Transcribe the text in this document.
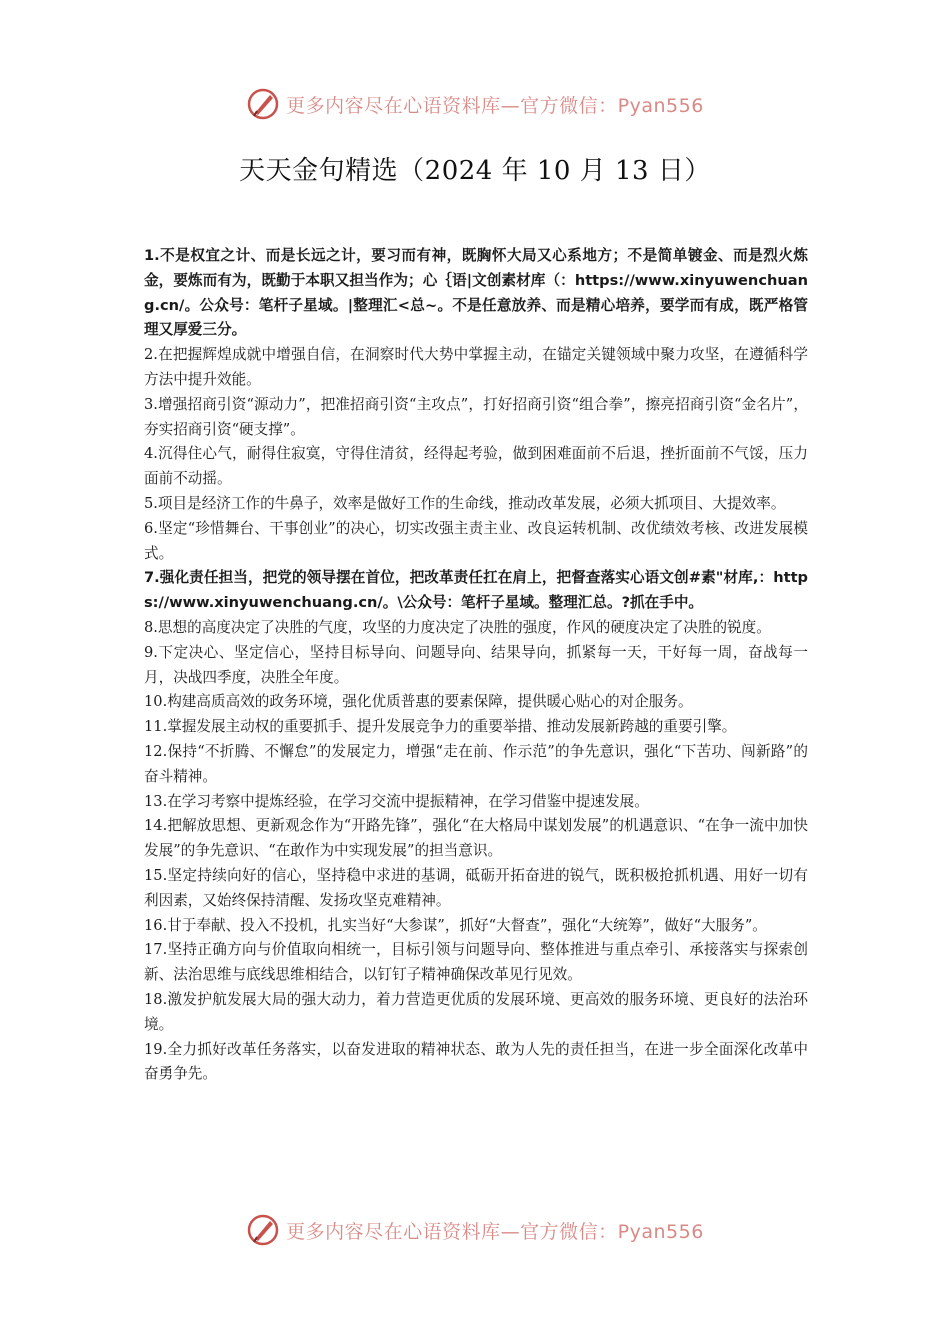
更多内容尽在心语资料库—官方微信：Pyan556
天天金句精选（2024 年 10 月 13 日）

1.不是权宜之计、而是长远之计，要习而有神，既胸怀大局又心系地方；不是简单镀金、而是烈火炼金，要炼而有为，既勤于本职又担当作为；心｛语|文创素材库（：https://www.xinyuwenchuang.cn/。公众号：笔杆子星域。|整理汇<总~。不是任意放养、而是精心培养，要学而有成，既严格管理又厚爱三分。

2.在把握辉煌成就中增强自信，在洞察时代大势中掌握主动，在锚定关键领域中聚力攻坚，在遵循科学方法中提升效能。

3.增强招商引资“源动力”，把准招商引资“主攻点”，打好招商引资“组合拳”，擦亮招商引资“金名片”，夯实招商引资“硬支撑”。

4.沉得住心气，耐得住寂寞，守得住清贫，经得起考验，做到困难面前不后退，挫折面前不气馁，压力面前不动摇。

5.项目是经济工作的牛鼻子，效率是做好工作的生命线，推动改革发展，必须大抓项目、大提效率。

6.坚定“珍惜舞台、干事创业”的决心，切实改强主责主业、改良运转机制、改优绩效考核、改进发展模式。

7.强化责任担当，把党的领导摆在首位，把改革责任扛在肩上，把督查落实心语文创#素"材库,：https://www.xinyuwenchuang.cn/。\公众号：笔杆子星域。整理汇总。?抓在手中。

8.思想的高度决定了决胜的气度，攻坚的力度决定了决胜的强度，作风的硬度决定了决胜的锐度。

9.下定决心、坚定信心，坚持目标导向、问题导向、结果导向，抓紧每一天，干好每一周，奋战每一月，决战四季度，决胜全年度。

10.构建高质高效的政务环境，强化优质普惠的要素保障，提供暖心贴心的对企服务。

11.掌握发展主动权的重要抓手、提升发展竞争力的重要举措、推动发展新跨越的重要引擎。

12.保持“不折腾、不懈怠”的发展定力，增强“走在前、作示范”的争先意识，强化“下苦功、闯新路”的奋斗精神。

13.在学习考察中提炼经验，在学习交流中提振精神，在学习借鉴中提速发展。

14.把解放思想、更新观念作为“开路先锋”，强化“在大格局中谋划发展”的机遇意识、“在争一流中加快发展”的争先意识、“在敢作为中实现发展”的担当意识。

15.坚定持续向好的信心，坚持稳中求进的基调，砥砺开拓奋进的锐气，既积极抢抓机遇、用好一切有利因素，又始终保持清醒、发扬攻坚克难精神。

16.甘于奉献、投入不投机，扎实当好“大参谋”，抓好“大督查”，强化“大统筹”，做好“大服务”。

17.坚持正确方向与价值取向相统一，目标引领与问题导向、整体推进与重点牵引、承接落实与探索创新、法治思维与底线思维相结合，以钉钉子精神确保改革见行见效。

18.激发护航发展大局的强大动力，着力营造更优质的发展环境、更高效的服务环境、更良好的法治环境。

19.全力抓好改革任务落实，以奋发进取的精神状态、敢为人先的责任担当，在进一步全面深化改革中奋勇争先。

更多内容尽在心语资料库—官方微信：Pyan556
